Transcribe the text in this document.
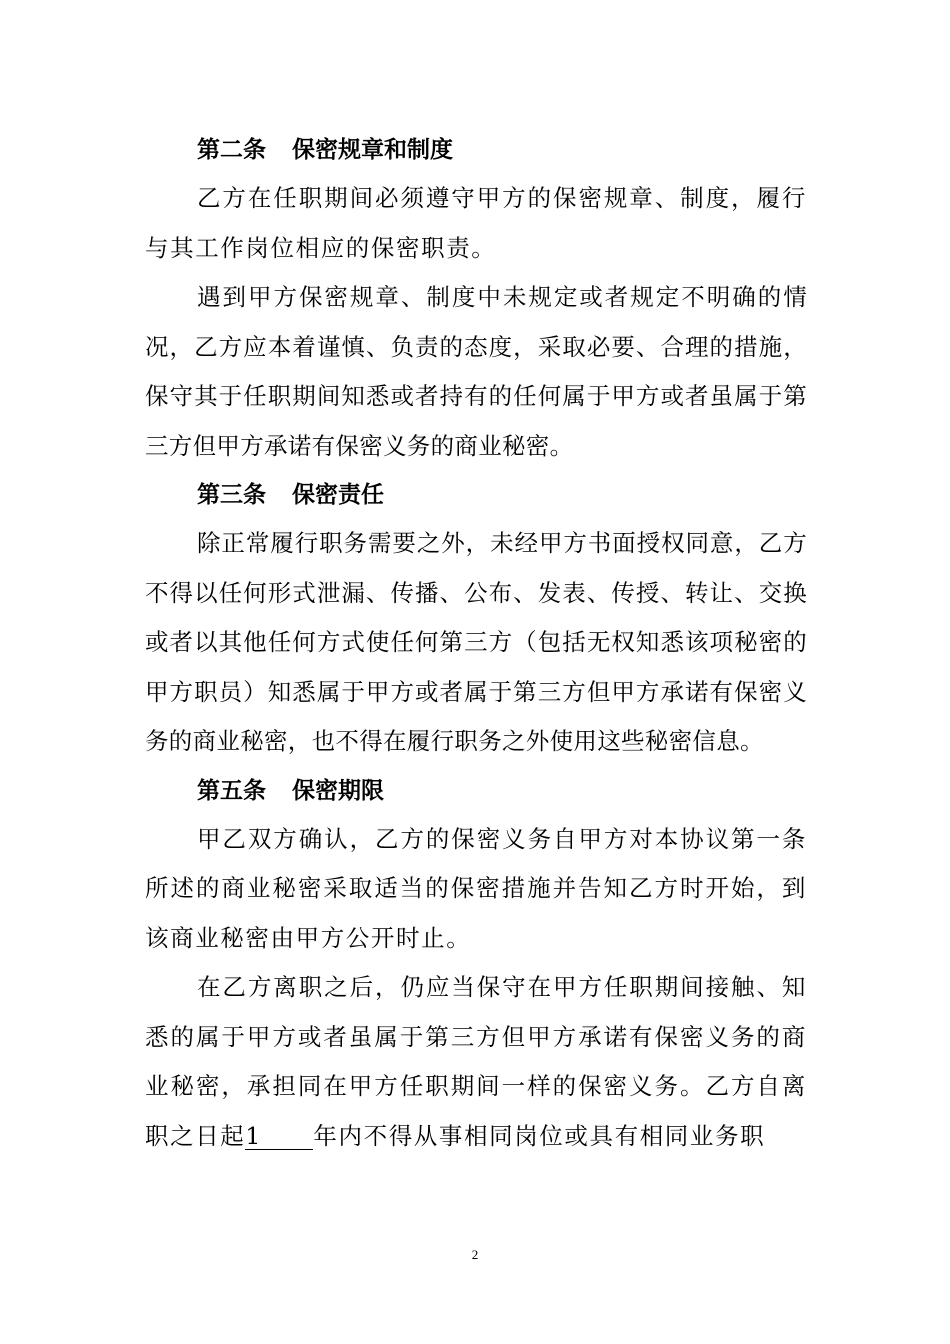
第二条 保密规章和制度

乙方在任职期间必须遵守甲方的保密规章、制度，履行与其工作岗位相应的保密职责。

遇到甲方保密规章、制度中未规定或者规定不明确的情况，乙方应本着谨慎、负责的态度，采取必要、合理的措施，保守其于任职期间知悉或者持有的任何属于甲方或者虽属于第三方但甲方承诺有保密义务的商业秘密。

第三条 保密责任

除正常履行职务需要之外，未经甲方书面授权同意，乙方不得以任何形式泄漏、传播、公布、发表、传授、转让、交换或者以其他任何方式使任何第三方（包括无权知悉该项秘密的甲方职员）知悉属于甲方或者属于第三方但甲方承诺有保密义务的商业秘密，也不得在履行职务之外使用这些秘密信息。

第五条 保密期限

甲乙双方确认，乙方的保密义务自甲方对本协议第一条所述的商业秘密采取适当的保密措施并告知乙方时开始，到该商业秘密由甲方公开时止。

在乙方离职之后，仍应当保守在甲方任职期间接触、知悉的属于甲方或者虽属于第三方但甲方承诺有保密义务的商业秘密，承担同在甲方任职期间一样的保密义务。乙方自离职之日起1 年内不得从事相同岗位或具有相同业务职

2
